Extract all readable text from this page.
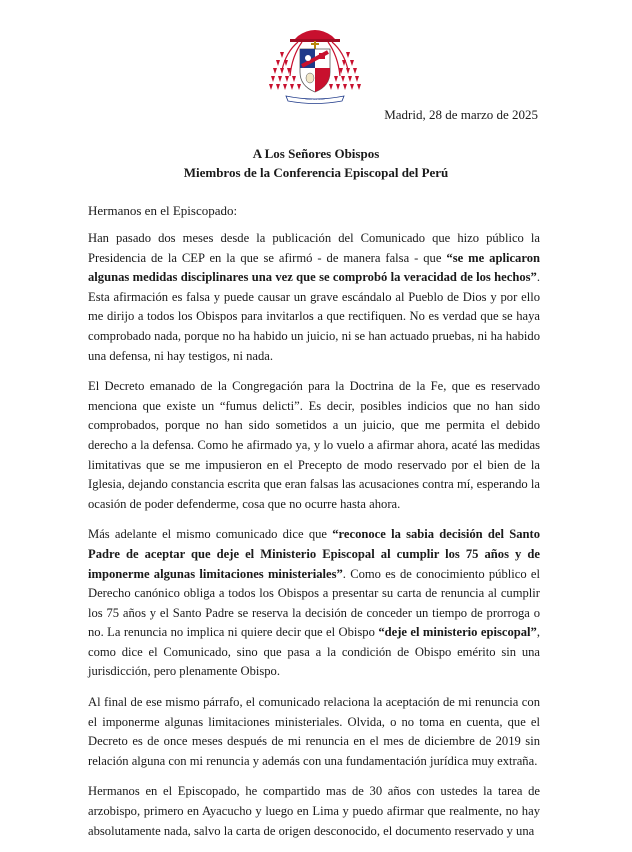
~~~ ~~ ~~~
Madrid, 28 de marzo de 2025
A Los Señores Obispos
Miembros de la Conferencia Episcopal del Perú
Hermanos en el Episcopado:

Han pasado dos meses desde la publicación del Comunicado que hizo público la Presidencia de la CEP en la que se afirmó - de manera falsa - que “se me aplicaron algunas medidas disciplinares una vez que se comprobó la veracidad de los hechos”. Esta afirmación es falsa y puede causar un grave escándalo al Pueblo de Dios y por ello me dirijo a todos los Obispos para invitarlos a que rectifiquen. No es verdad que se haya comprobado nada, porque no ha habido un juicio, ni se han actuado pruebas, ni ha habido una defensa, ni hay testigos, ni nada.

El Decreto emanado de la Congregación para la Doctrina de la Fe, que es reservado menciona que existe un “fumus delicti”. Es decir, posibles indicios que no han sido comprobados, porque no han sido sometidos a un juicio, que me permita el debido derecho a la defensa. Como he afirmado ya, y lo vuelo a afirmar ahora, acaté las medidas limitativas que se me impusieron en el Precepto de modo reservado por el bien de la Iglesia, dejando constancia escrita que eran falsas las acusaciones contra mí, esperando la ocasión de poder defenderme, cosa que no ocurre hasta ahora.

Más adelante el mismo comunicado dice que “reconoce la sabia decisión del Santo Padre de aceptar que deje el Ministerio Episcopal al cumplir los 75 años y de imponerme algunas limitaciones ministeriales”. Como es de conocimiento público el Derecho canónico obliga a todos los Obispos a presentar su carta de renuncia al cumplir los 75 años y el Santo Padre se reserva la decisión de conceder un tiempo de prorroga o no. La renuncia no implica ni quiere decir que el Obispo “deje el ministerio episcopal”, como dice el Comunicado, sino que pasa a la condición de Obispo emérito sin una jurisdicción, pero plenamente Obispo.

Al final de ese mismo párrafo, el comunicado relaciona la aceptación de mi renuncia con el imponerme algunas limitaciones ministeriales. Olvida, o no toma en cuenta, que el Decreto es de once meses después de mi renuncia en el mes de diciembre de 2019 sin relación alguna con mi renuncia y además con una fundamentación jurídica muy extraña.

Hermanos en el Episcopado, he compartido mas de 30 años con ustedes la tarea de arzobispo, primero en Ayacucho y luego en Lima y puedo afirmar que realmente, no hay absolutamente nada, salvo la carta de origen desconocido, el documento reservado y una
